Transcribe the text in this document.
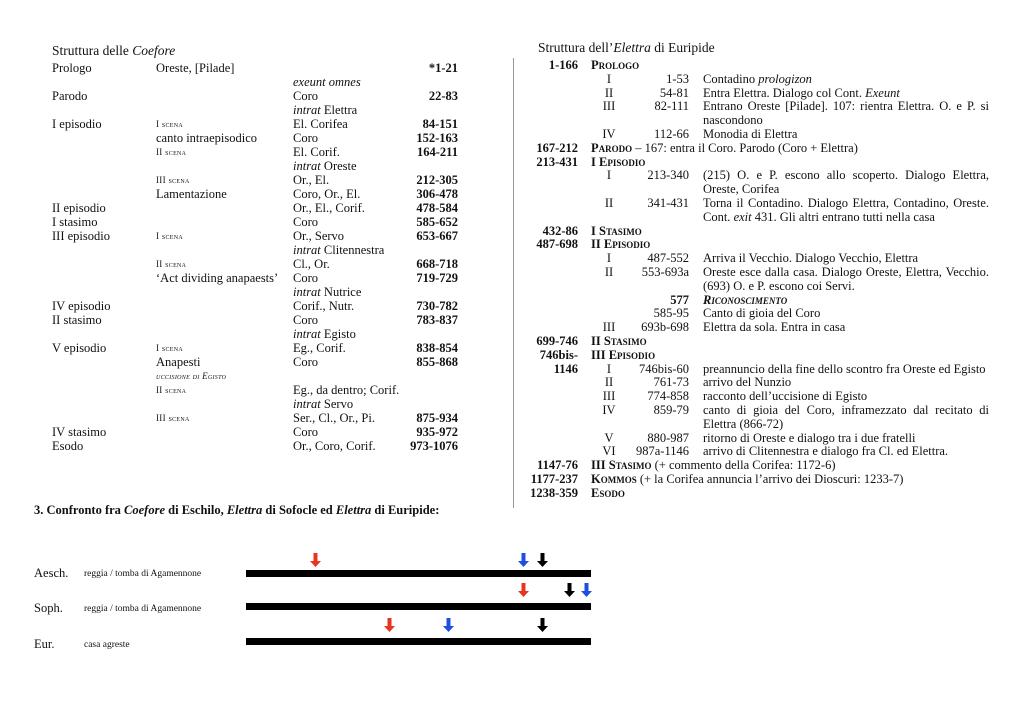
Struttura delle Coefore
Prologo	Oreste, [Pilade]	*1-21
exeunt omnes
Parodo	Coro	22-83
intrat Elettra
I episodio	I scena	El. Corifea	84-151
canto intraepisodico	Coro	152-163
II scena	El. Corif.	164-211
intrat Oreste
III scena	Or., El.	212-305
Lamentazione	Coro, Or., El.	306-478
II episodio	Or., El., Corif.	478-584
I stasimo	Coro	585-652
III episodio	I scena	Or., Servo	653-667
intrat Clitennestra
II scena	Cl., Or.	668-718
‘Act dividing anapaests’ Coro	719-729
intrat Nutrice
IV episodio	Corif., Nutr.	730-782
II stasimo	Coro	783-837
intrat Egisto
V episodio	I scena	Eg., Corif.	838-854
Anapesti	Coro	855-868
uccisione di Egisto
II scena	Eg., da dentro; Corif.
intrat Servo
III scena	Ser., Cl., Or., Pi.	875-934
IV stasimo	Coro	935-972
Esodo	Or., Coro, Corif.	973-1076
Struttura dell’Elettra di Euripide
1-166 Prologo
I	1-53 Contadino prologizon
II	54-81 Entra Elettra. Dialogo col Cont. Exeunt
III	82-111 Entrano Oreste [Pilade]. 107: rientra Elettra. O. e P. si nascondono
IV	112-66 Monodia di Elettra
167-212 Parodo – 167: entra il Coro. Parodo (Coro + Elettra)
213-431 I Episodio
I	213-340 (215) O. e P. escono allo scoperto. Dialogo Elettra, Oreste, Corifea
II	341-431 Torna il Contadino. Dialogo Elettra, Contadino, Oreste. Cont. exit 431. Gli altri entrano tutti nella casa
432-86 I Stasimo
487-698 II Episodio
I	487-552 Arriva il Vecchio. Dialogo Vecchio, Elettra
II	553-693a Oreste esce dalla casa. Dialogo Oreste, Elettra, Vecchio. (693) O. e P. escono coi Servi.
577 Riconoscimento
585-95 Canto di gioia del Coro
III	693b-698 Elettra da sola. Entra in casa
699-746 II Stasimo
746bis- III Episodio
1146	I	746bis-60 preannuncio della fine dello scontro fra Oreste ed Egisto
II	761-73 arrivo del Nunzio
III	774-858 racconto dell’uccisione di Egisto
IV	859-79 canto di gioia del Coro, inframezzato dal recitato di Elettra (866-72)
V	880-987 ritorno di Oreste e dialogo tra i due fratelli
VI	987a-1146 arrivo di Clitennestra e dialogo fra Cl. ed Elettra.
1147-76 III Stasimo (+ commento della Corifea: 1172-6)
1177-237 Kommos (+ la Corifea annuncia l’arrivo dei Dioscuri: 1233-7)
1238-359 Esodo
3. Confronto fra Coefore di Eschilo, Elettra di Sofocle ed Elettra di Euripide:
Aesch. reggia / tomba di Agamennone
Soph. reggia / tomba di Agamennone
Eur.	casa agreste
